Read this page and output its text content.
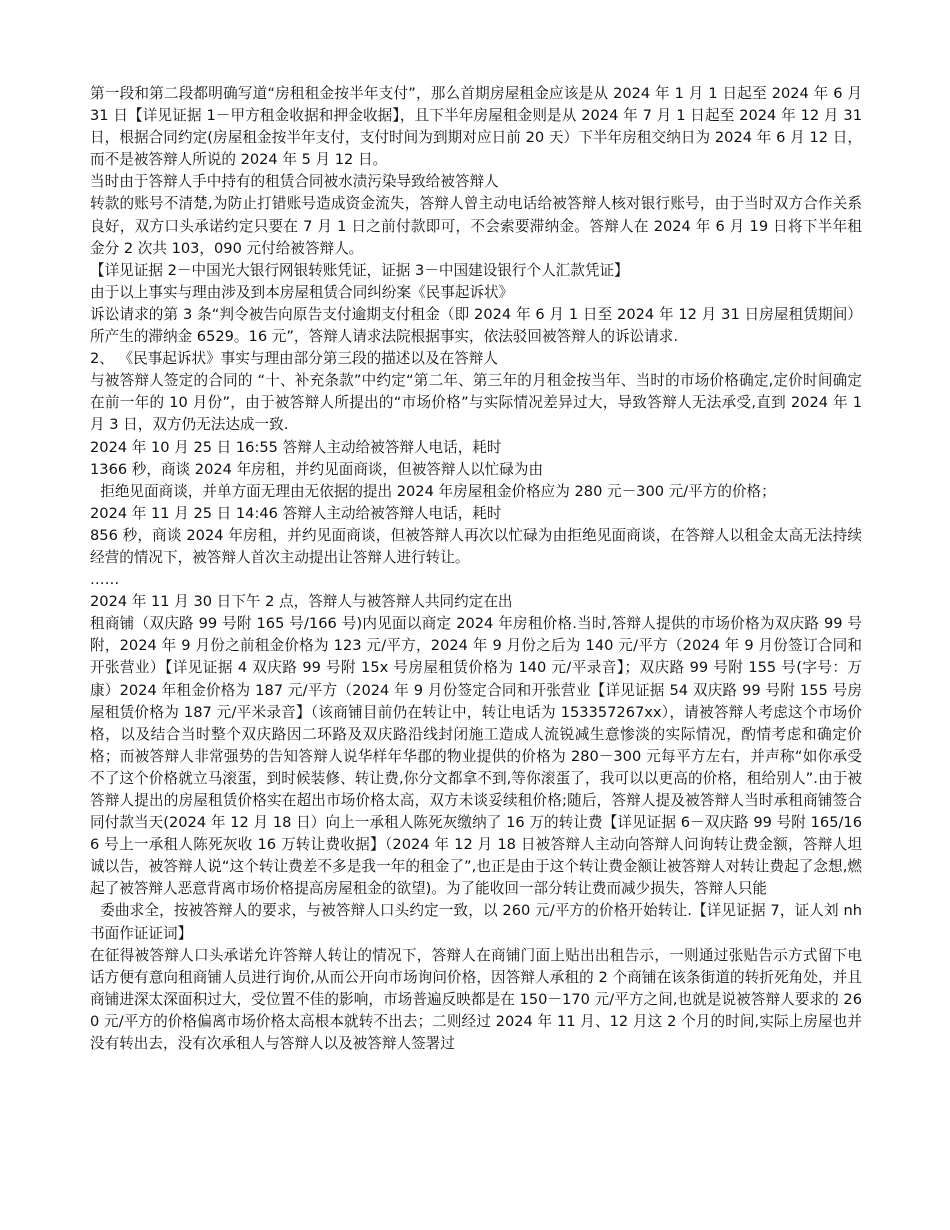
第一段和第二段都明确写道“房租租金按半年支付”，那么首期房屋租金应该是从 2024 年 1 月 1 日起至 2024 年 6 月 31 日【详见证据 1－甲方租金收据和押金收据】，且下半年房屋租金则是从 2024 年 7 月 1 日起至 2024 年 12 月 31 日，根据合同约定(房屋租金按半年支付，支付时间为到期对应日前 20 天）下半年房租交纳日为 2024 年 6 月 12 日，而不是被答辩人所说的 2024 年 5 月 12 日。

当时由于答辩人手中持有的租赁合同被水渍污染导致给被答辩人

转款的账号不清楚,为防止打错账号造成资金流失，答辩人曾主动电话给被答辩人核对银行账号，由于当时双方合作关系良好，双方口头承诺约定只要在 7 月 1 日之前付款即可，不会索要滞纳金。答辩人在 2024 年 6 月 19 日将下半年租金分 2 次共 103，090 元付给被答辩人。

【详见证据 2－中国光大银行网银转账凭证，证据 3－中国建设银行个人汇款凭证】

由于以上事实与理由涉及到本房屋租赁合同纠纷案《民事起诉状》

诉讼请求的第 3 条“判令被告向原告支付逾期支付租金（即 2024 年 6 月 1 日至 2024 年 12 月 31 日房屋租赁期间）所产生的滞纳金 6529。16 元”，答辩人请求法院根据事实，依法驳回被答辩人的诉讼请求.

2、 《民事起诉状》事实与理由部分第三段的描述以及在答辩人

与被答辩人签定的合同的 “十、补充条款”中约定“第二年、第三年的月租金按当年、当时的市场价格确定,定价时间确定在前一年的 10 月份”，由于被答辩人所提出的“市场价格”与实际情况差异过大，导致答辩人无法承受,直到 2024 年 1 月 3 日，双方仍无法达成一致.

2024 年 10 月 25 日 16:55 答辩人主动给被答辩人电话，耗时

1366 秒，商谈 2024 年房租，并约见面商谈，但被答辩人以忙碌为由

拒绝见面商谈，并单方面无理由无依据的提出 2024 年房屋租金价格应为 280 元－300 元/平方的价格；

2024 年 11 月 25 日 14:46 答辩人主动给被答辩人电话，耗时

856 秒，商谈 2024 年房租，并约见面商谈，但被答辩人再次以忙碌为由拒绝见面商谈，在答辩人以租金太高无法持续经营的情况下，被答辩人首次主动提出让答辩人进行转让。

……

2024 年 11 月 30 日下午 2 点，答辩人与被答辩人共同约定在出

租商铺（双庆路 99 号附 165 号/166 号)内见面以商定 2024 年房租价格.当时,答辩人提供的市场价格为双庆路 99 号附，2024 年 9 月份之前租金价格为 123 元/平方，2024 年 9 月份之后为 140 元/平方（2024 年 9 月份签订合同和开张营业）【详见证据 4 双庆路 99 号附 15x 号房屋租赁价格为 140 元/平录音】；双庆路 99 号附 155 号(字号：万康）2024 年租金价格为 187 元/平方（2024 年 9 月份签定合同和开张营业【详见证据 54 双庆路 99 号附 155 号房屋租赁价格为 187 元/平米录音】（该商铺目前仍在转让中，转让电话为 153357267xx），请被答辩人考虑这个市场价格，以及结合当时整个双庆路因二环路及双庆路沿线封闭施工造成人流锐减生意惨淡的实际情况，酌情考虑和确定价格；而被答辩人非常强势的告知答辩人说华样年华郡的物业提供的价格为 280－300 元每平方左右，并声称“如你承受不了这个价格就立马滚蛋，到时候装修、转让费,你分文都拿不到,等你滚蛋了，我可以以更高的价格，租给别人”.由于被答辩人提出的房屋租赁价格实在超出市场价格太高，双方未谈妥续租价格;随后，答辩人提及被答辩人当时承租商铺签合同付款当天(2024 年 12 月 18 日）向上一承租人陈死灰缴纳了 16 万的转让费【详见证据 6－双庆路 99 号附 165/166 号上一承租人陈死灰收 16 万转让费收据】（2024 年 12 月 18 日被答辩人主动向答辩人问询转让费金额，答辩人坦诚以告，被答辩人说“这个转让费差不多是我一年的租金了”,也正是由于这个转让费金额让被答辩人对转让费起了念想,燃起了被答辩人恶意背离市场价格提高房屋租金的欲望)。为了能收回一部分转让费而减少损失，答辩人只能

委曲求全，按被答辩人的要求，与被答辩人口头约定一致，以 260 元/平方的价格开始转让.【详见证据 7，证人刘 nh 书面作证证词】

在征得被答辩人口头承诺允许答辩人转让的情况下，答辩人在商铺门面上贴出出租告示，一则通过张贴告示方式留下电话方便有意向租商铺人员进行询价,从而公开向市场询问价格，因答辩人承租的 2 个商铺在该条街道的转折死角处，并且商铺进深太深面积过大，受位置不佳的影响，市场普遍反映都是在 150－170 元/平方之间,也就是说被答辩人要求的 260 元/平方的价格偏离市场价格太高根本就转不出去；二则经过 2024 年 11 月、12 月这 2 个月的时间,实际上房屋也并没有转出去，没有次承租人与答辩人以及被答辩人签署过
